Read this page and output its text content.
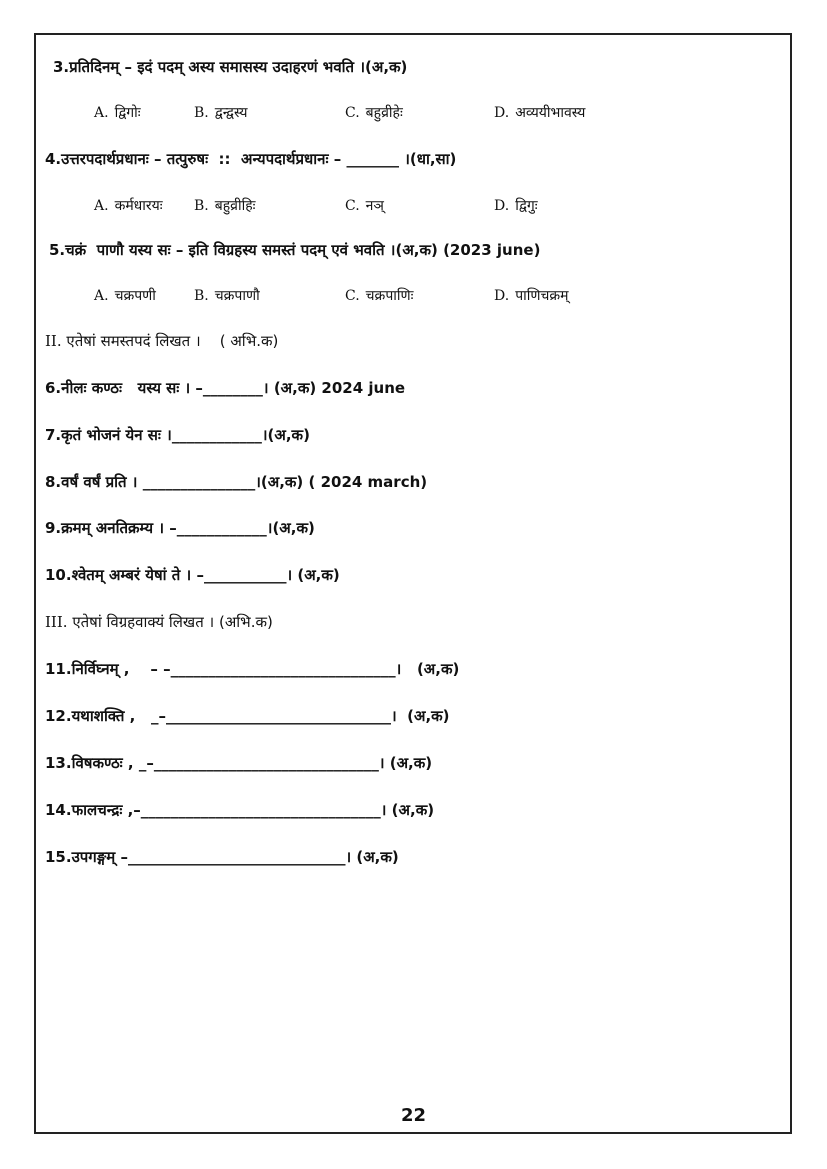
3.प्रतिदिनम् – इदं पदम् अस्य समासस्य उदाहरणं भवति ।(अ,क)
A. द्विगोः	B. द्वन्द्वस्य	C. बहुव्रीहेः	D. अव्ययीभावस्य
4.उत्तरपदार्थप्रधानः – तत्पुरुषः  ::  अन्यपदार्थप्रधानः – _______ ।(धा,सा)
A. कर्मधारयः B. बहुव्रीहिः	C. नञ्	D. द्विगुः
5.चक्रं  पाणौ यस्य सः – इति विग्रहस्य समस्तं पदम् एवं भवति ।(अ,क) (2023 june)
A. चक्रपणी	B. चक्रपाणौ	C. चक्रपाणिः	D. पाणिचक्रम्
II. एतेषां समस्तपदं लिखत ।    ( अभि.क)
6.नीलः कण्ठः   यस्य सः । –________। (अ,क) 2024 june
7.कृतं भोजनं येन सः ।____________।(अ,क)
8.वर्षं वर्षं प्रति । _______________।(अ,क) ( 2024 march)
9.क्रमम् अनतिक्रम्य । –____________।(अ,क)
10.श्वेतम् अम्बरं येषां ते । –___________। (अ,क)
III. एतेषां विग्रहवाक्यं लिखत । (अभि.क)
11.निर्विघ्नम् ,    – –______________________________।   (अ,क)
12.यथाशक्ति ,   _–______________________________।  (अ,क)
13.विषकण्ठः , _–______________________________। (अ,क)
14.फालचन्द्रः ,–________________________________। (अ,क)
15.उपगङ्गम् –_____________________________। (अ,क)
22
